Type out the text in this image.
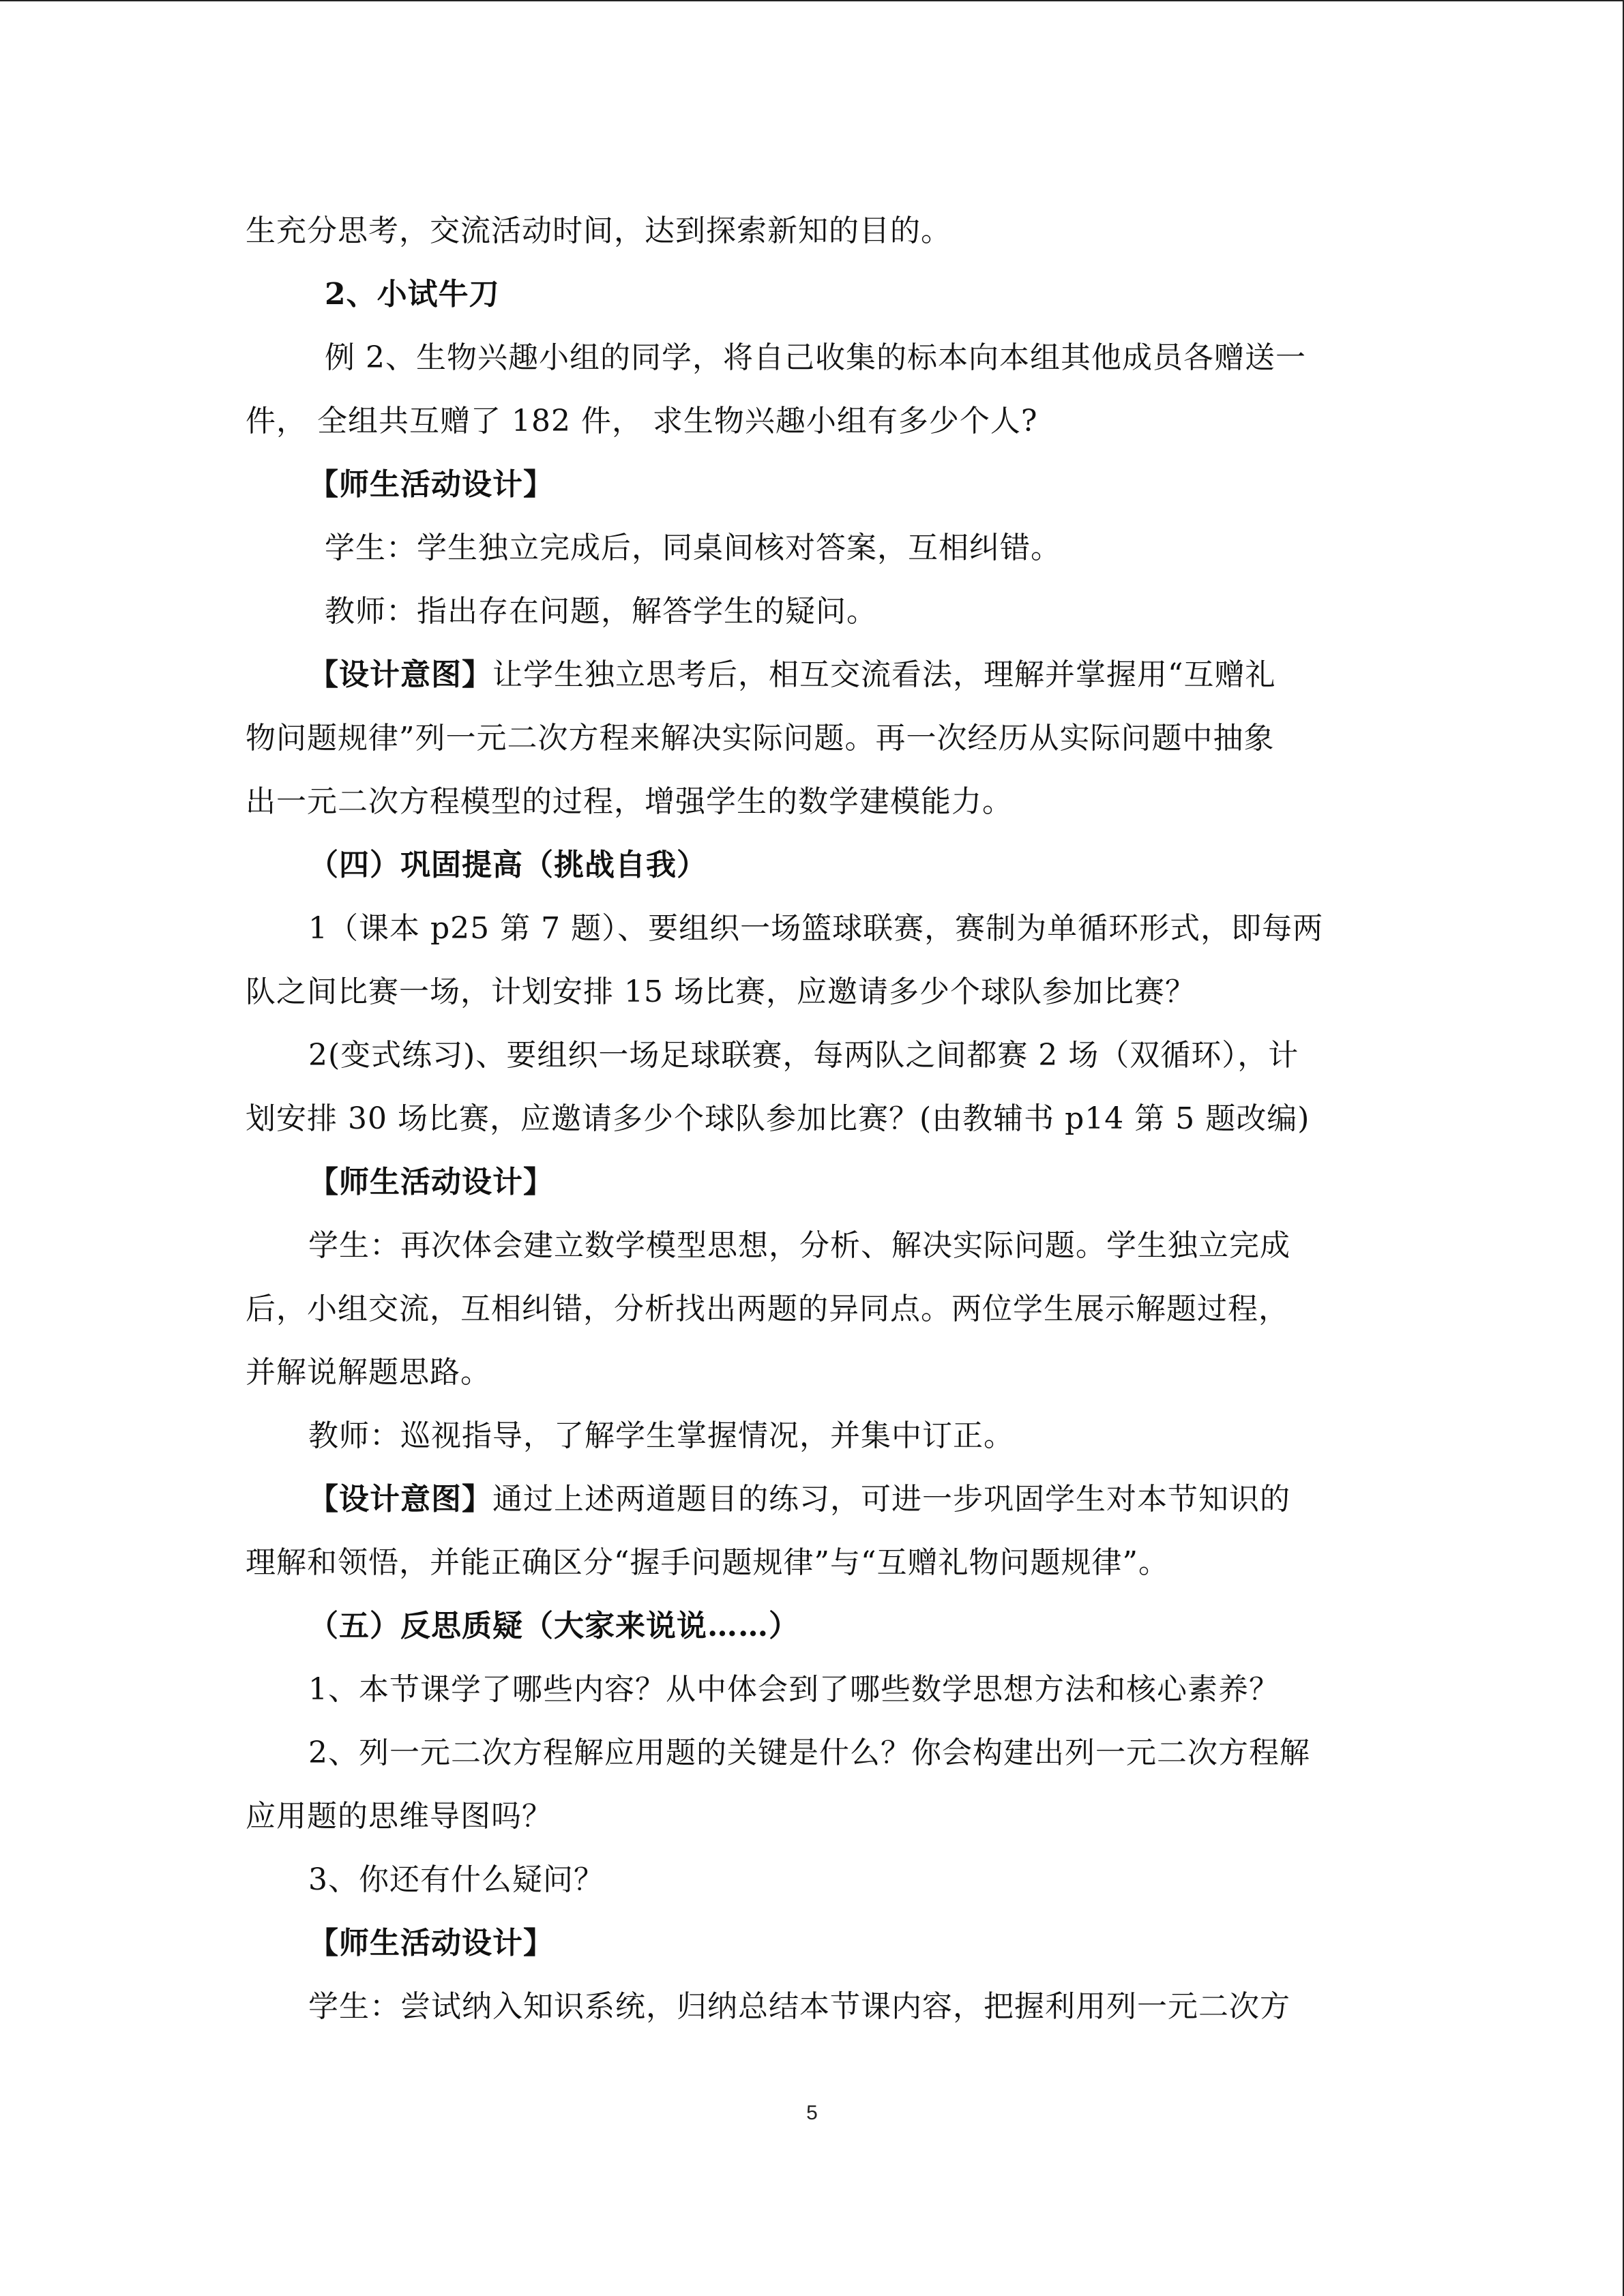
生充分思考，交流活动时间，达到探索新知的目的。
2、小试牛刀
例 2、生物兴趣小组的同学，将自己收集的标本向本组其他成员各赠送一
件， 全组共互赠了 182 件， 求生物兴趣小组有多少个人?
【师生活动设计】
学生：学生独立完成后，同桌间核对答案，互相纠错。
教师：指出存在问题，解答学生的疑问。
【设计意图】让学生独立思考后，相互交流看法，理解并掌握用“互赠礼
物问题规律”列一元二次方程来解决实际问题。再一次经历从实际问题中抽象
出一元二次方程模型的过程，增强学生的数学建模能力。
（四）巩固提高（挑战自我）
1（课本 p25 第 7 题）、要组织一场篮球联赛，赛制为单循环形式，即每两
队之间比赛一场，计划安排 15 场比赛，应邀请多少个球队参加比赛？
2(变式练习)、要组织一场足球联赛，每两队之间都赛 2 场（双循环），计
划安排 30 场比赛，应邀请多少个球队参加比赛？(由教辅书 p14 第 5 题改编)
【师生活动设计】
学生：再次体会建立数学模型思想，分析、解决实际问题。学生独立完成
后，小组交流，互相纠错，分析找出两题的异同点。两位学生展示解题过程，
并解说解题思路。
教师：巡视指导，了解学生掌握情况，并集中订正。
【设计意图】通过上述两道题目的练习，可进一步巩固学生对本节知识的
理解和领悟，并能正确区分“握手问题规律”与“互赠礼物问题规律”。
（五）反思质疑（大家来说说……）
1、本节课学了哪些内容？从中体会到了哪些数学思想方法和核心素养？
2、列一元二次方程解应用题的关键是什么？你会构建出列一元二次方程解
应用题的思维导图吗？
3、你还有什么疑问？
【师生活动设计】
学生：尝试纳入知识系统，归纳总结本节课内容，把握利用列一元二次方
5
